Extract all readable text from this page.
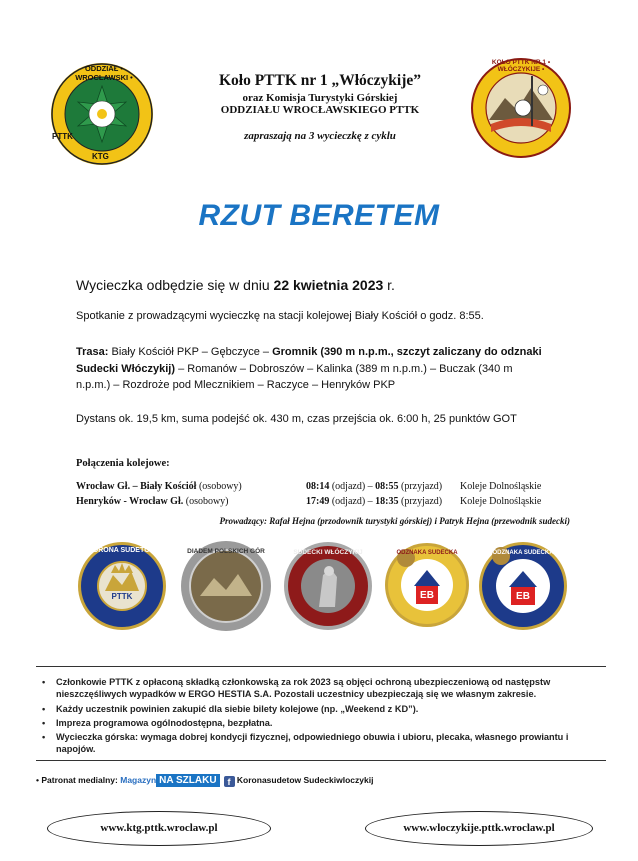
ODDZIAŁ • WROCŁAWSKI •
PTTK
KTG
Koło PTTK nr 1 „Włóczykije”
oraz Komisja Turystyki Górskiej
ODDZIAŁU WROCŁAWSKIEGO PTTK
zapraszają na 3 wycieczkę z cyklu
KOŁO PTTK NR 1 • WŁÓCZYKIJE •
RZUT BERETEM
Wycieczka odbędzie się w dniu 22 kwietnia 2023 r.
Spotkanie z prowadzącymi wycieczkę na stacji kolejowej Biały Kościół o godz. 8:55.
Trasa: Biały Kościół PKP – Gębczyce – Gromnik (390 m n.p.m., szczyt zaliczany do odznaki
Sudecki Włóczykij) – Romanów – Dobroszów – Kalinka (389 m n.p.m.) – Buczak (340 m
n.p.m.) – Rozdroże pod Mlecznikiem – Raczyce – Henryków PKP
Dystans ok. 19,5 km, suma podejść ok. 430 m, czas przejścia ok. 6:00 h, 25 punktów GOT
Połączenia kolejowe:
Wrocław Gł. – Biały Kościół (osobowy)	08:14 (odjazd) – 08:55 (przyjazd) Koleje Dolnośląskie
Henryków - Wrocław Gł. (osobowy)	17:49 (odjazd) – 18:35 (przyjazd) Koleje Dolnośląskie
Prowadzący: Rafał Hejna (przodownik turystyki górskiej) i Patryk Hejna (przewodnik sudecki)
KORONA SUDETÓW
PTTK
DIADEM POLSKICH GÓR	SUDECKI WŁÓCZYKIJ	ODZNAKA SUDECKA
EB
ODZNAKA SUDECKA
EB
• Członkowie PTTK z opłaconą składką członkowską za rok 2023 są objęci ochroną ubezpieczeniową od następstw nieszczęśliwych wypadków w ERGO HESTIA S.A. Pozostali uczestnicy ubezpieczają się we własnym zakresie.
• Każdy uczestnik powinien zakupić dla siebie bilety kolejowe (np. „Weekend z KD”).
• Impreza programowa ogólnodostępna, bezpłatna.
• Wycieczka górska: wymaga dobrej kondycji fizycznej, odpowiedniego obuwia i ubioru, plecaka, własnego prowiantu i napojów.
• Patronat medialny: Magazyn NA SZLAKU f Koronasudetow Sudeckiwloczykij
www.ktg.pttk.wroclaw.pl	www.wloczykije.pttk.wroclaw.pl
